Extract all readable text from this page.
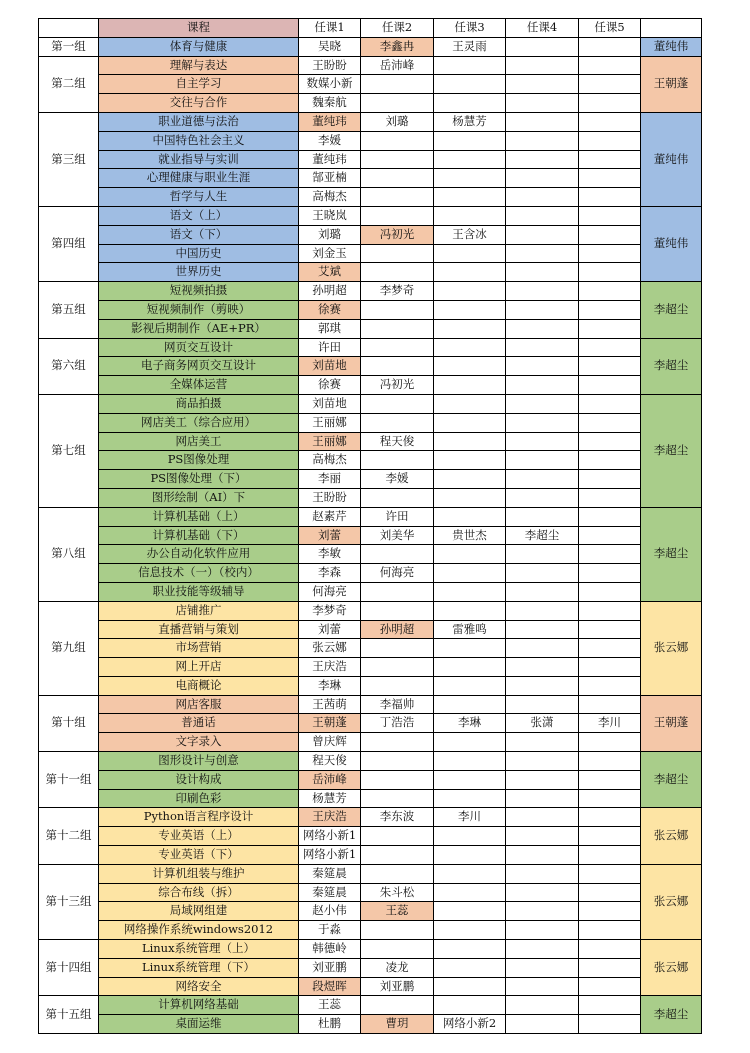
	课程	任课1	任课2	任课3	任课4	任课5	
第一组	体育与健康	吴晓	李鑫冉	王灵雨			董纯伟
第二组	理解与表达	王盼盼	岳沛峰				王朝蓬
	自主学习	数媒小新					
	交往与合作	魏秦航					
第三组	职业道德与法治	董纯玮	刘璐	杨慧芳			董纯伟
	中国特色社会主义	李媛					
	就业指导与实训	董纯玮					
	心理健康与职业生涯	郜亚楠					
	哲学与人生	高梅杰					
第四组	语文（上）	王晓岚					董纯伟
	语文（下）	刘璐	冯初光	王含冰			
	中国历史	刘金玉					
	世界历史	艾斌					
第五组	短视频拍摄	孙明超	李梦奇				李超尘
	短视频制作（剪映）	徐赛					
	影视后期制作（AE+PR）	郭琪					
第六组	网页交互设计	许田					李超尘
	电子商务网页交互设计	刘苗地					
	全媒体运营	徐赛	冯初光				
第七组	商品拍摄	刘苗地					李超尘
	网店美工（综合应用）	王丽娜					
	网店美工	王丽娜	程天俊				
	PS图像处理	高梅杰					
	PS图像处理（下）	李丽	李媛				
	图形绘制（AI）下	王盼盼					
第八组	计算机基础（上）	赵素芹	许田				李超尘
	计算机基础（下）	刘蕾	刘美华	贵世杰	李超尘		
	办公自动化软件应用	李敏					
	信息技术（一）（校内）	李森	何海亮				
	职业技能等级辅导	何海亮					
第九组	店铺推广	李梦奇					张云娜
	直播营销与策划	刘蕾	孙明超	雷雅鸣			
	市场营销	张云娜					
	网上开店	王庆浩					
	电商概论	李琳					
第十组	网店客服	王茜萌	李福帅				王朝蓬
	普通话	王朝蓬	丁浩浩	李琳	张潇	李川	
	文字录入	曾庆辉					
第十一组	图形设计与创意	程天俊					李超尘
	设计构成	岳沛峰					
	印刷色彩	杨慧芳					
第十二组	Python语言程序设计	王庆浩	李东波	李川			张云娜
	专业英语（上）	网络小新1					
	专业英语（下）	网络小新1					
第十三组	计算机组装与维护	秦筵晨					张云娜
	综合布线（拆）	秦筵晨	朱斗松				
	局域网组建	赵小伟	王蕊				
	网络操作系统windows2012	于淼					
第十四组	Linux系统管理（上）	韩德岭					张云娜
	Linux系统管理（下）	刘亚鹏	凌龙				
	网络安全	段煜晖	刘亚鹏				
第十五组	计算机网络基础	王蕊					李超尘
	桌面运维	杜鹏	曹玥	网络小新2			
